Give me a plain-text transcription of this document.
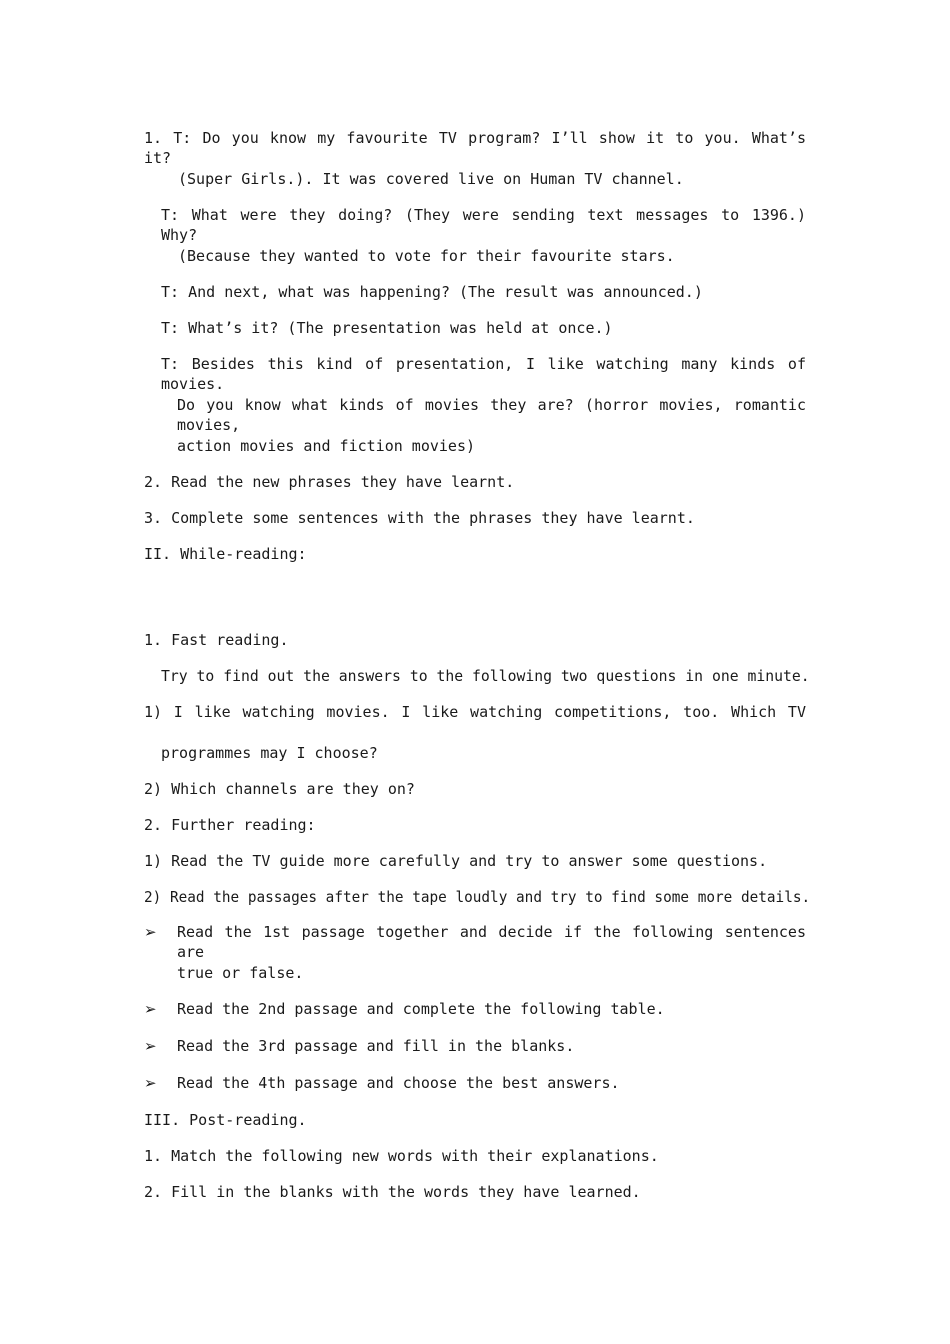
1. T: Do you know my favourite TV program? I’ll show it to you. What’s it?
(Super Girls.). It was covered live on Human TV channel.
T: What were they doing? (They were sending text messages to 1396.) Why?
(Because they wanted to vote for their favourite stars.
T: And next, what was happening? (The result was announced.)
T: What’s it? (The presentation was held at once.)
T: Besides this kind of presentation, I like watching many kinds of movies.
Do you know what kinds of movies they are? (horror movies, romantic movies,
action movies and fiction movies)
2. Read the new phrases they have learnt.
3. Complete some sentences with the phrases they have learnt.
II. While-reading:
1. Fast reading.
Try to find out the answers to the following two questions in one minute.
1) I like watching movies. I like watching competitions, too. Which TV
programmes may I choose?
2) Which channels are they on?
2. Further reading:
1) Read the TV guide more carefully and try to answer some questions.
2) Read the passages after the tape loudly and try to find some more details.
➢ Read the 1st passage together and decide if the following sentences are
true or false.
➢ Read the 2nd passage and complete the following table.
➢ Read the 3rd passage and fill in the blanks.
➢ Read the 4th passage and choose the best answers.
III. Post-reading.
1. Match the following new words with their explanations.
2. Fill in the blanks with the words they have learned.
